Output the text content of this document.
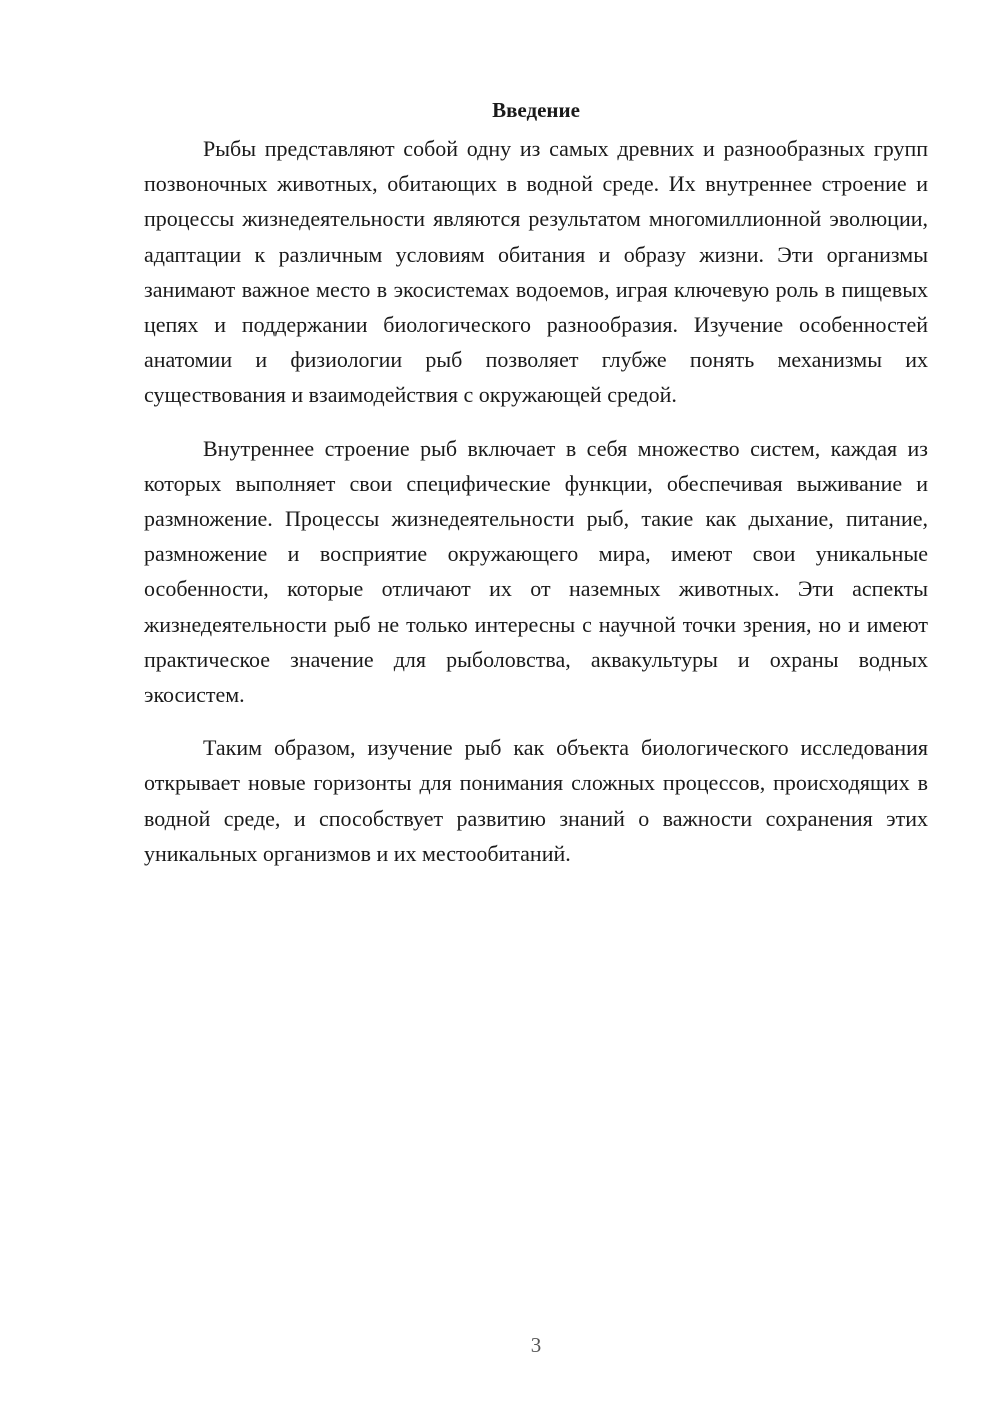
Введение

Рыбы представляют собой одну из самых древних и разнообразных групп позвоночных животных, обитающих в водной среде. Их внутреннее строение и процессы жизнедеятельности являются результатом многомиллионной эволюции, адаптации к различным условиям обитания и образу жизни. Эти организмы занимают важное место в экосистемах водоемов, играя ключевую роль в пищевых цепях и поддержании биологического разнообразия. Изучение особенностей анатомии и физиологии рыб позволяет глубже понять механизмы их существования и взаимодействия с окружающей средой.

Внутреннее строение рыб включает в себя множество систем, каждая из которых выполняет свои специфические функции, обеспечивая выживание и размножение. Процессы жизнедеятельности рыб, такие как дыхание, питание, размножение и восприятие окружающего мира, имеют свои уникальные особенности, которые отличают их от наземных животных. Эти аспекты жизнедеятельности рыб не только интересны с научной точки зрения, но и имеют практическое значение для рыболовства, аквакультуры и охраны водных экосистем.

Таким образом, изучение рыб как объекта биологического исследования открывает новые горизонты для понимания сложных процессов, происходящих в водной среде, и способствует развитию знаний о важности сохранения этих уникальных организмов и их местообитаний.

3
